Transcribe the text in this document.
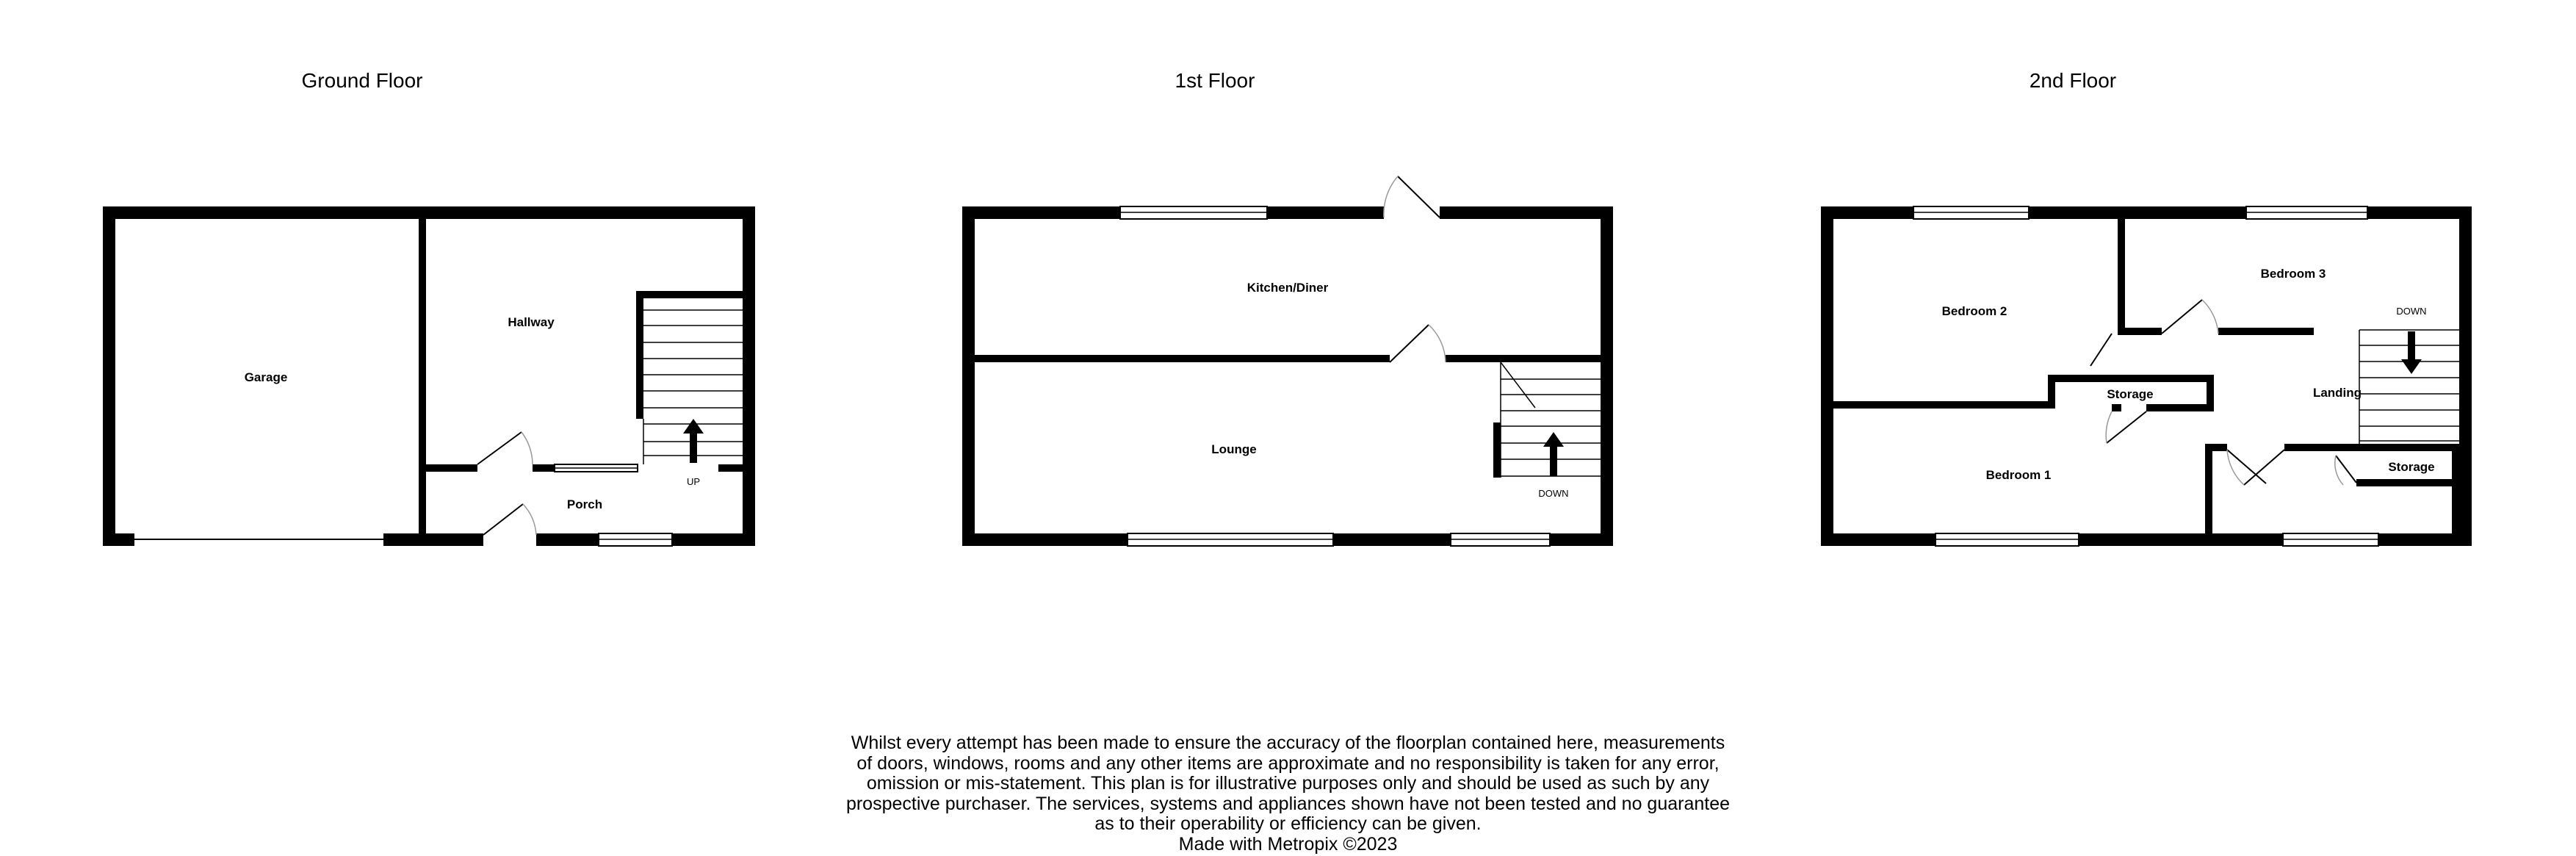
Ground Floor
UP
Garage
Hallway
Porch
1st Floor
DOWN
Kitchen/Diner
Lounge
2nd Floor
DOWN
Bedroom 2
Bedroom 3
Storage	Landing
Bedroom 1
Storage
Whilst every attempt has been made to ensure the accuracy of the floorplan contained here, measurements
of doors, windows, rooms and any other items are approximate and no responsibility is taken for any error,
omission or mis-statement. This plan is for illustrative purposes only and should be used as such by any
prospective purchaser. The services, systems and appliances shown have not been tested and no guarantee
as to their operability or efficiency can be given.
Made with Metropix ©2023
